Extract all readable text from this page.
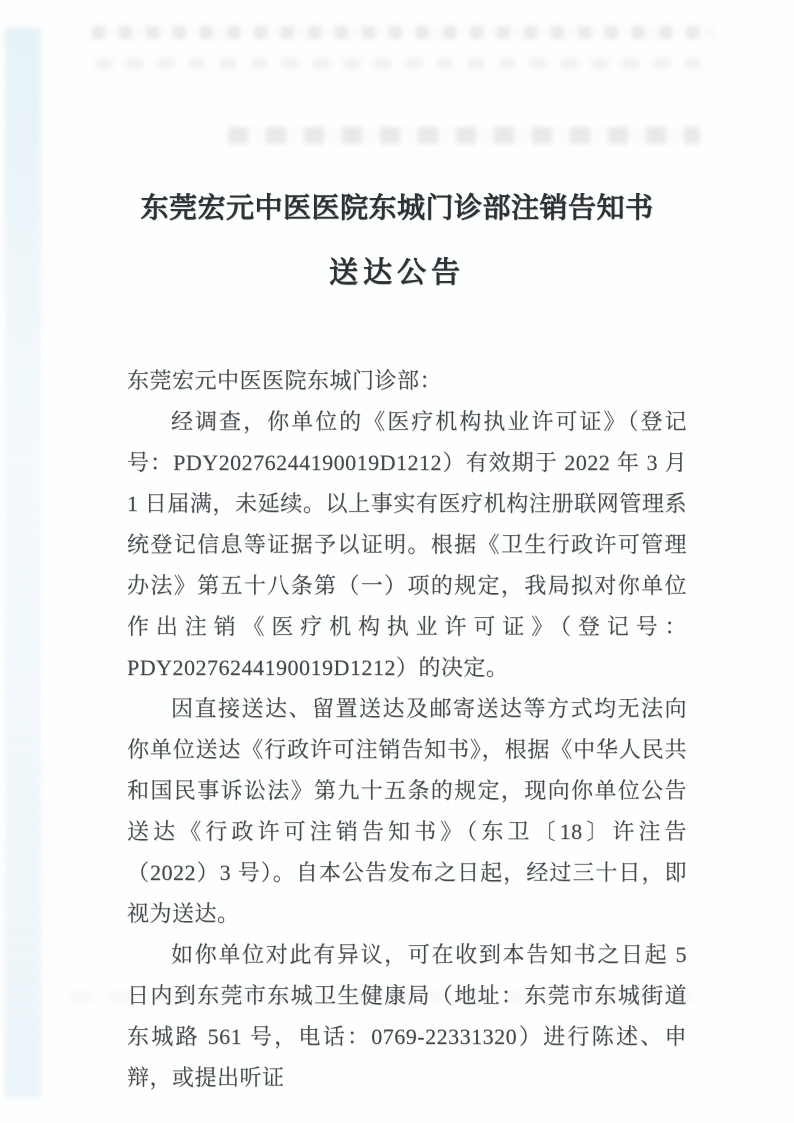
东莞宏元中医医院东城门诊部注销告知书
送达公告

东莞宏元中医医院东城门诊部：

经调查，你单位的《医疗机构执业许可证》（登记号：PDY20276244190019D1212）有效期于 2022 年 3 月 1 日届满，未延续。以上事实有医疗机构注册联网管理系统登记信息等证据予以证明。根据《卫生行政许可管理办法》第五十八条第（一）项的规定，我局拟对你单位作出注销《医疗机构执业许可证》（登记号：PDY20276244190019D1212）的决定。

因直接送达、留置送达及邮寄送达等方式均无法向你单位送达《行政许可注销告知书》，根据《中华人民共和国民事诉讼法》第九十五条的规定，现向你单位公告送达《行政许可注销告知书》（东卫〔18〕许注告（2022）3 号）。自本公告发布之日起，经过三十日，即视为送达。

如你单位对此有异议，可在收到本告知书之日起 5 日内到东莞市东城卫生健康局（地址：东莞市东城街道东城路 561 号，电话：0769-22331320）进行陈述、申辩，或提出听证
